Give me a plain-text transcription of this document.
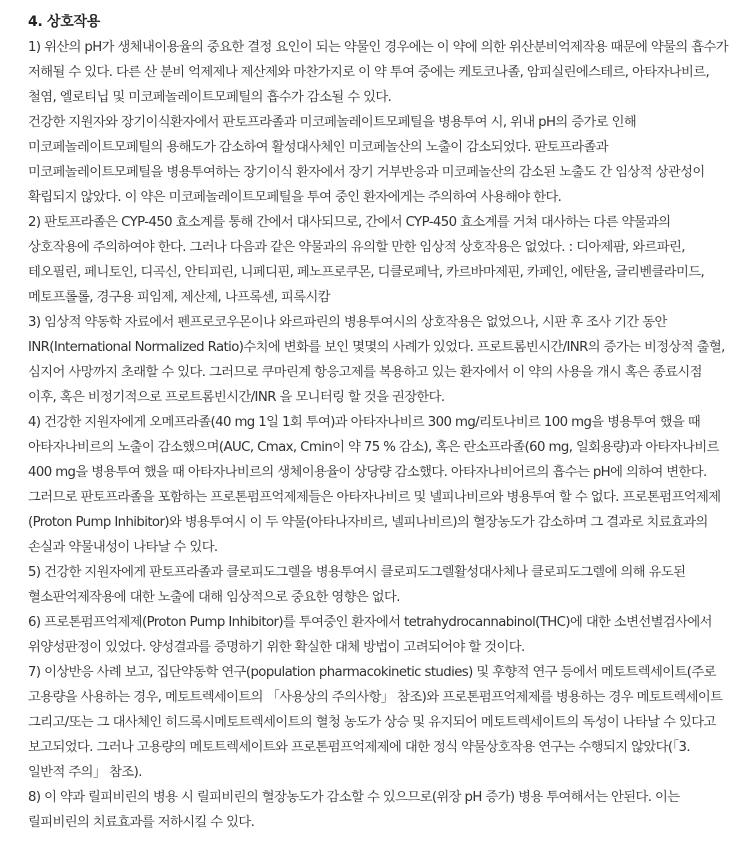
4. 상호작용

1) 위산의 pH가 생체내이용율의 중요한 결정 요인이 되는 약물인 경우에는 이 약에 의한 위산분비억제작용 때문에 약물의 흡수가 저해될 수 있다. 다른 산 분비 억제제나 제산제와 마찬가지로 이 약 투여 중에는 케토코나졸, 암피실린에스테르, 아타자나비르, 철염, 엘로티닙 및 미코페놀레이트모페틸의 흡수가 감소될 수 있다.

건강한 지원자와 장기이식환자에서 판토프라졸과 미코페놀레이트모페틸을 병용투여 시, 위내 pH의 증가로 인해 미코페놀레이트모페틸의 용해도가 감소하여 활성대사체인 미코페놀산의 노출이 감소되었다. 판토프라졸과 미코페놀레이트모페틸을 병용투여하는 장기이식 환자에서 장기 거부반응과 미코페놀산의 감소된 노출도 간 임상적 상관성이 확립되지 않았다. 이 약은 미코페놀레이트모페틸을 투여 중인 환자에게는 주의하여 사용해야 한다.

2) 판토프라졸은 CYP-450 효소계를 통해 간에서 대사되므로, 간에서 CYP-450 효소계를 거쳐 대사하는 다른 약물과의 상호작용에 주의하여야 한다. 그러나 다음과 같은 약물과의 유의할 만한 임상적 상호작용은 없었다. : 디아제팜, 와르파린, 테오필린, 페니토인, 디곡신, 안티피린, 니페디핀, 페노프로쿠몬, 디클로페낙, 카르바마제핀, 카페인, 에탄올, 글리벤클라미드, 메토프롤롤, 경구용 피임제, 제산제, 나프록센, 피록시캄

3) 임상적 약동학 자료에서 펜프로코우몬이나 와르파린의 병용투여시의 상호작용은 없었으나, 시판 후 조사 기간 동안 INR(International Normalized Ratio)수치에 변화를 보인 몇몇의 사례가 있었다. 프로트롬빈시간/INR의 증가는 비정상적 출혈, 심지어 사망까지 초래할 수 있다. 그러므로 쿠마린계 항응고제를 복용하고 있는 환자에서 이 약의 사용을 개시 혹은 종료시점 이후, 혹은 비정기적으로 프로트롬빈시간/INR 을 모니터링 할 것을 권장한다.

4) 건강한 지원자에게 오메프라졸(40 mg 1일 1회 투여)과 아타자나비르 300 mg/리토나비르 100 mg을 병용투여 했을 때 아타자나비르의 노출이 감소했으며(AUC, Cmax, Cmin이 약 75 % 감소), 혹은 란소프라졸(60 mg, 일회용량)과 아타자나비르 400 mg을 병용투여 했을 때 아타자나비르의 생체이용율이 상당량 감소했다. 아타자나비어르의 흡수는 pH에 의하여 변한다. 그러므로 판토프라졸을 포함하는 프로톤펌프억제제들은 아타자나비르 및 넬피나비르와 병용투여 할 수 없다. 프로톤펌프억제제(Proton Pump Inhibitor)와 병용투여시 이 두 약물(아타나자비르, 넬피나비르)의 혈장농도가 감소하며 그 결과로 치료효과의 손실과 약물내성이 나타날 수 있다.

5) 건강한 지원자에게 판토프라졸과 클로피도그렐을 병용투여시 클로피도그렐활성대사체나 클로피도그렐에 의해 유도된 혈소판억제작용에 대한 노출에 대해 임상적으로 중요한 영향은 없다.

6) 프로톤펌프억제제(Proton Pump Inhibitor)를 투여중인 환자에서 tetrahydrocannabinol(THC)에 대한 소변선별검사에서 위양성판정이 있었다. 양성결과를 증명하기 위한 확실한 대체 방법이 고려되어야 할 것이다.

7) 이상반응 사례 보고, 집단약동학 연구(population pharmacokinetic studies) 및 후향적 연구 등에서 메토트렉세이트(주로 고용량을 사용하는 경우, 메토트렉세이트의 「사용상의 주의사항」 참조)와 프로톤펌프억제제를 병용하는 경우 메토트렉세이트 그리고/또는 그 대사체인 히드록시메토트렉세이트의 혈청 농도가 상승 및 유지되어 메토트렉세이트의 독성이 나타날 수 있다고 보고되었다. 그러나 고용량의 메토트렉세이트와 프로톤펌프억제제에 대한 정식 약물상호작용 연구는 수행되지 않았다(「3. 일반적 주의」 참조).

8) 이 약과 릴피비린의 병용 시 릴피비린의 혈장농도가 감소할 수 있으므로(위장 pH 증가) 병용 투여해서는 안된다. 이는 릴피비린의 치료효과를 저하시킬 수 있다.
